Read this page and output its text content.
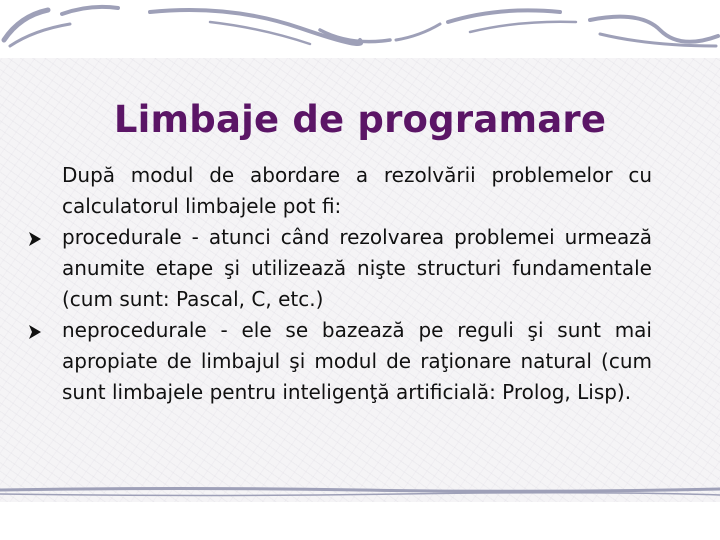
Limbaje de programare

După modul de abordare a rezolvării problemelor cu calculatorul limbajele pot fi:

procedurale - atunci când rezolvarea problemei urmează anumite etape şi utilizează nişte structuri fundamentale (cum sunt: Pascal, C, etc.)

neprocedurale - ele se bazează pe reguli şi sunt mai apropiate de limbajul şi modul de raţionare natural (cum sunt limbajele pentru inteligenţă artificială: Prolog, Lisp).
